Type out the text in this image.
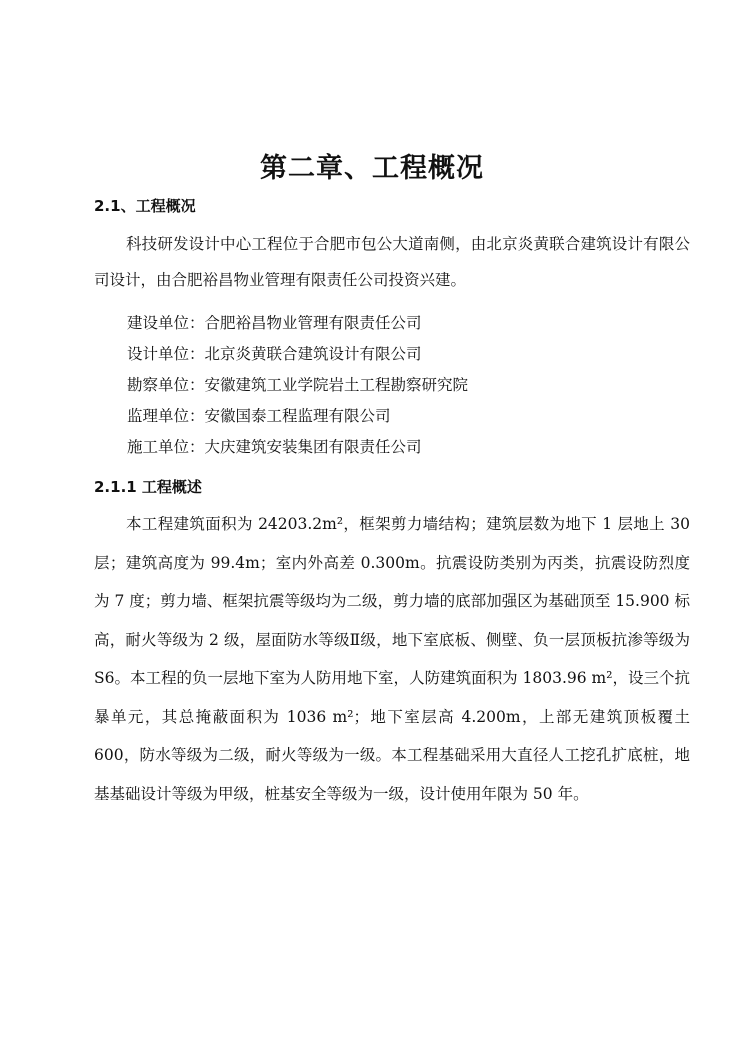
第二章、工程概况
2.1、工程概况

科技研发设计中心工程位于合肥市包公大道南侧，由北京炎黄联合建筑设计有限公司设计，由合肥裕昌物业管理有限责任公司投资兴建。

建设单位：合肥裕昌物业管理有限责任公司
设计单位：北京炎黄联合建筑设计有限公司
勘察单位：安徽建筑工业学院岩土工程勘察研究院
监理单位：安徽国泰工程监理有限公司
施工单位：大庆建筑安装集团有限责任公司
2.1.1 工程概述

本工程建筑面积为 24203.2m²，框架剪力墙结构；建筑层数为地下 1 层地上 30 层；建筑高度为 99.4m；室内外高差 0.300m。抗震设防类别为丙类，抗震设防烈度为 7 度；剪力墙、框架抗震等级均为二级，剪力墙的底部加强区为基础顶至 15.900 标高，耐火等级为 2 级，屋面防水等级Ⅱ级，地下室底板、侧壁、负一层顶板抗渗等级为 S6。本工程的负一层地下室为人防用地下室，人防建筑面积为 1803.96 m²，设三个抗暴单元，其总掩蔽面积为 1036 m²；地下室层高 4.200m，上部无建筑顶板覆土 600，防水等级为二级，耐火等级为一级。本工程基础采用大直径人工挖孔扩底桩，地基基础设计等级为甲级，桩基安全等级为一级，设计使用年限为 50 年。
